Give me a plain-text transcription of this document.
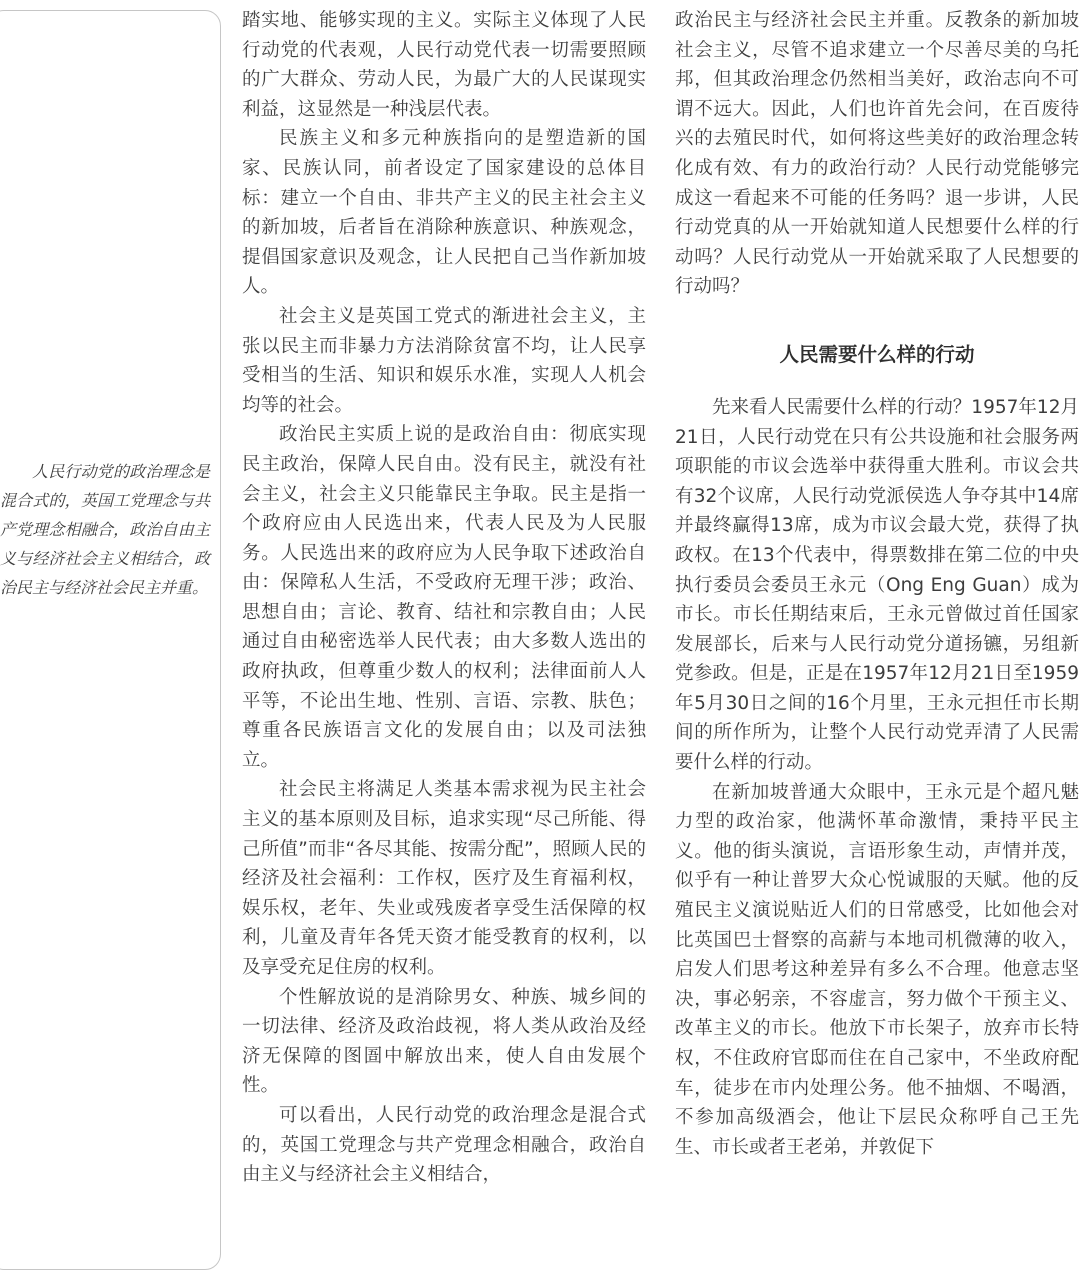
人民行动党的政治理念是混合式的，英国工党理念与共产党理念相融合，政治自由主义与经济社会主义相结合，政治民主与经济社会民主并重。

踏实地、能够实现的主义。实际主义体现了人民行动党的代表观，人民行动党代表一切需要照顾的广大群众、劳动人民，为最广大的人民谋现实利益，这显然是一种浅层代表。

民族主义和多元种族指向的是塑造新的国家、民族认同，前者设定了国家建设的总体目标：建立一个自由、非共产主义的民主社会主义的新加坡，后者旨在消除种族意识、种族观念，提倡国家意识及观念，让人民把自己当作新加坡人。

社会主义是英国工党式的渐进社会主义，主张以民主而非暴力方法消除贫富不均，让人民享受相当的生活、知识和娱乐水准，实现人人机会均等的社会。

政治民主实质上说的是政治自由：彻底实现民主政治，保障人民自由。没有民主，就没有社会主义，社会主义只能靠民主争取。民主是指一个政府应由人民选出来，代表人民及为人民服务。人民选出来的政府应为人民争取下述政治自由：保障私人生活，不受政府无理干涉；政治、思想自由；言论、教育、结社和宗教自由；人民通过自由秘密选举人民代表；由大多数人选出的政府执政，但尊重少数人的权利；法律面前人人平等，不论出生地、性别、言语、宗教、肤色；尊重各民族语言文化的发展自由；以及司法独立。

社会民主将满足人类基本需求视为民主社会主义的基本原则及目标，追求实现“尽己所能、得己所值”而非“各尽其能、按需分配”，照顾人民的经济及社会福利：工作权，医疗及生育福利权，娱乐权，老年、失业或残废者享受生活保障的权利，儿童及青年各凭天资才能受教育的权利，以及享受充足住房的权利。

个性解放说的是消除男女、种族、城乡间的一切法律、经济及政治歧视，将人类从政治及经济无保障的图圄中解放出来，使人自由发展个性。

可以看出，人民行动党的政治理念是混合式的，英国工党理念与共产党理念相融合，政治自由主义与经济社会主义相结合，

政治民主与经济社会民主并重。反教条的新加坡社会主义，尽管不追求建立一个尽善尽美的乌托邦，但其政治理念仍然相当美好，政治志向不可谓不远大。因此，人们也许首先会问，在百废待兴的去殖民时代，如何将这些美好的政治理念转化成有效、有力的政治行动？人民行动党能够完成这一看起来不可能的任务吗？退一步讲，人民行动党真的从一开始就知道人民想要什么样的行动吗？人民行动党从一开始就采取了人民想要的行动吗？

人民需要什么样的行动

先来看人民需要什么样的行动？1957年12月21日，人民行动党在只有公共设施和社会服务两项职能的市议会选举中获得重大胜利。市议会共有32个议席，人民行动党派侯选人争夺其中14席并最终赢得13席，成为市议会最大党，获得了执政权。在13个代表中，得票数排在第二位的中央执行委员会委员王永元（Ong Eng Guan）成为市长。市长任期结束后，王永元曾做过首任国家发展部长，后来与人民行动党分道扬镳，另组新党参政。但是，正是在1957年12月21日至1959年5月30日之间的16个月里，王永元担任市长期间的所作所为，让整个人民行动党弄清了人民需要什么样的行动。

在新加坡普通大众眼中，王永元是个超凡魅力型的政治家，他满怀革命激情，秉持平民主义。他的街头演说，言语形象生动，声情并茂，似乎有一种让普罗大众心悦诚服的天赋。他的反殖民主义演说贴近人们的日常感受，比如他会对比英国巴士督察的高薪与本地司机微薄的收入，启发人们思考这种差异有多么不合理。他意志坚决，事必躬亲，不容虚言，努力做个干预主义、改革主义的市长。他放下市长架子，放弃市长特权，不住政府官邸而住在自己家中，不坐政府配车，徒步在市内处理公务。他不抽烟、不喝酒，不参加高级酒会，他让下层民众称呼自己王先生、市长或者王老弟，并敦促下
